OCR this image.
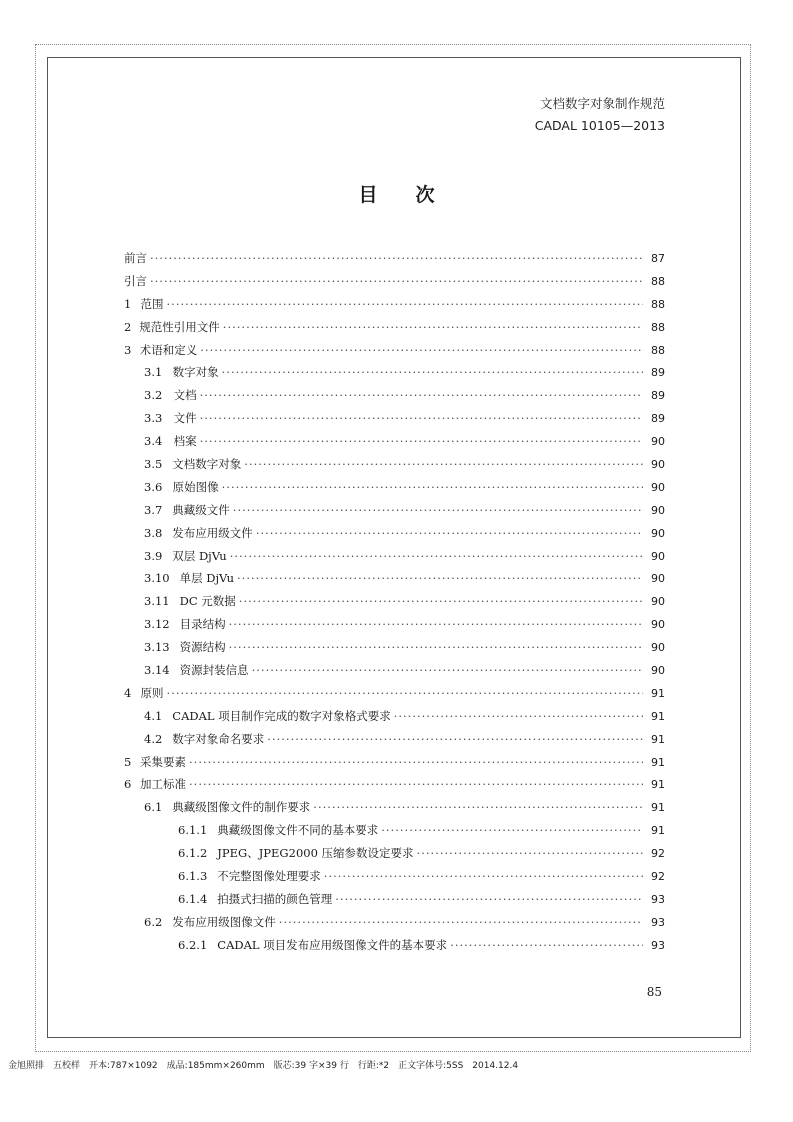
文档数字对象制作规范
CADAL 10105—2013
目次
前言 ·····	87
引言 ·····	88
1 范围 ·····	88
2 规范性引用文件 ·····	88
3 术语和定义 ·····	88
3.1 数字对象 ·····	89
3.2 文档 ·····	89
3.3 文件 ·····	89
3.4 档案 ·····	90
3.5 文档数字对象 ·····	90
3.6 原始图像 ·····	90
3.7 典藏级文件 ·····	90
3.8 发布应用级文件 ·····	90
3.9 双层 DjVu ·····	90
3.10 单层 DjVu ·····	90
3.11 DC 元数据 ·····	90
3.12 目录结构 ·····	90
3.13 资源结构 ·····	90
3.14 资源封装信息 ·····	90
4 原则 ·····	91
4.1 CADAL 项目制作完成的数字对象格式要求 ·····	91
4.2 数字对象命名要求 ·····	91
5 采集要素 ·····	91
6 加工标准 ·····	91
6.1 典藏级图像文件的制作要求 ·····	91
6.1.1 典藏级图像文件不同的基本要求 ·····	91
6.1.2 JPEG、JPEG2000 压缩参数设定要求 ·····	92
6.1.3 不完整图像处理要求 ·····	92
6.1.4 拍摄式扫描的颜色管理 ·····	93
6.2 发布应用级图像文件 ·····	93
6.2.1 CADAL 项目发布应用级图像文件的基本要求 ·····	93
85
金旭照排　五校样　开本:787×1092　成品:185mm×260mm　版芯:39 字×39 行　行距:*2　正文字体号:5SS　2014.12.4
